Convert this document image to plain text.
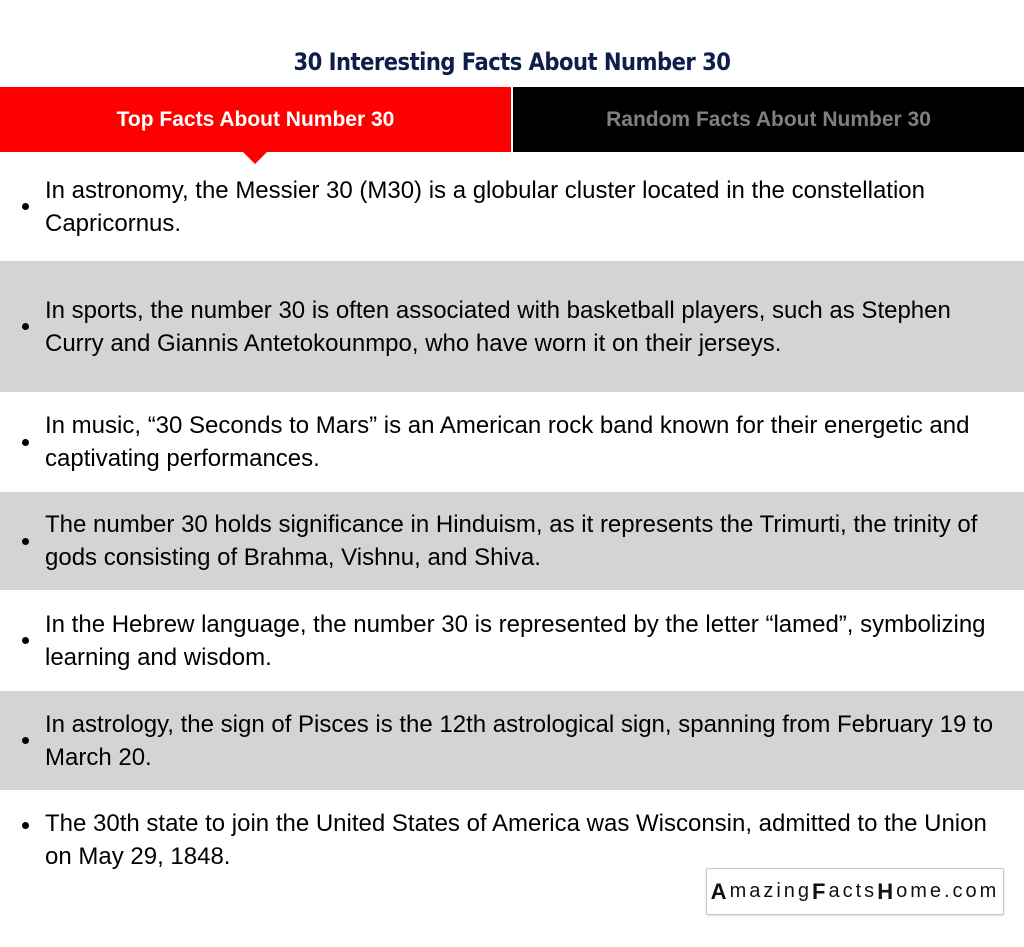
30 Interesting Facts About Number 30
Top Facts About Number 30	Random Facts About Number 30
In astronomy, the Messier 30 (M30) is a globular cluster located in the constellation Capricornus.
In sports, the number 30 is often associated with basketball players, such as Stephen Curry and Giannis Antetokounmpo, who have worn it on their jerseys.
In music, “30 Seconds to Mars” is an American rock band known for their energetic and captivating performances.
The number 30 holds significance in Hinduism, as it represents the Trimurti, the trinity of gods consisting of Brahma, Vishnu, and Shiva.
In the Hebrew language, the number 30 is represented by the letter “lamed”, symbolizing learning and wisdom.
In astrology, the sign of Pisces is the 12th astrological sign, spanning from February 19 to March 20.
The 30th state to join the United States of America was Wisconsin, admitted to the Union on May 29, 1848.
A mazing F acts H ome.com
